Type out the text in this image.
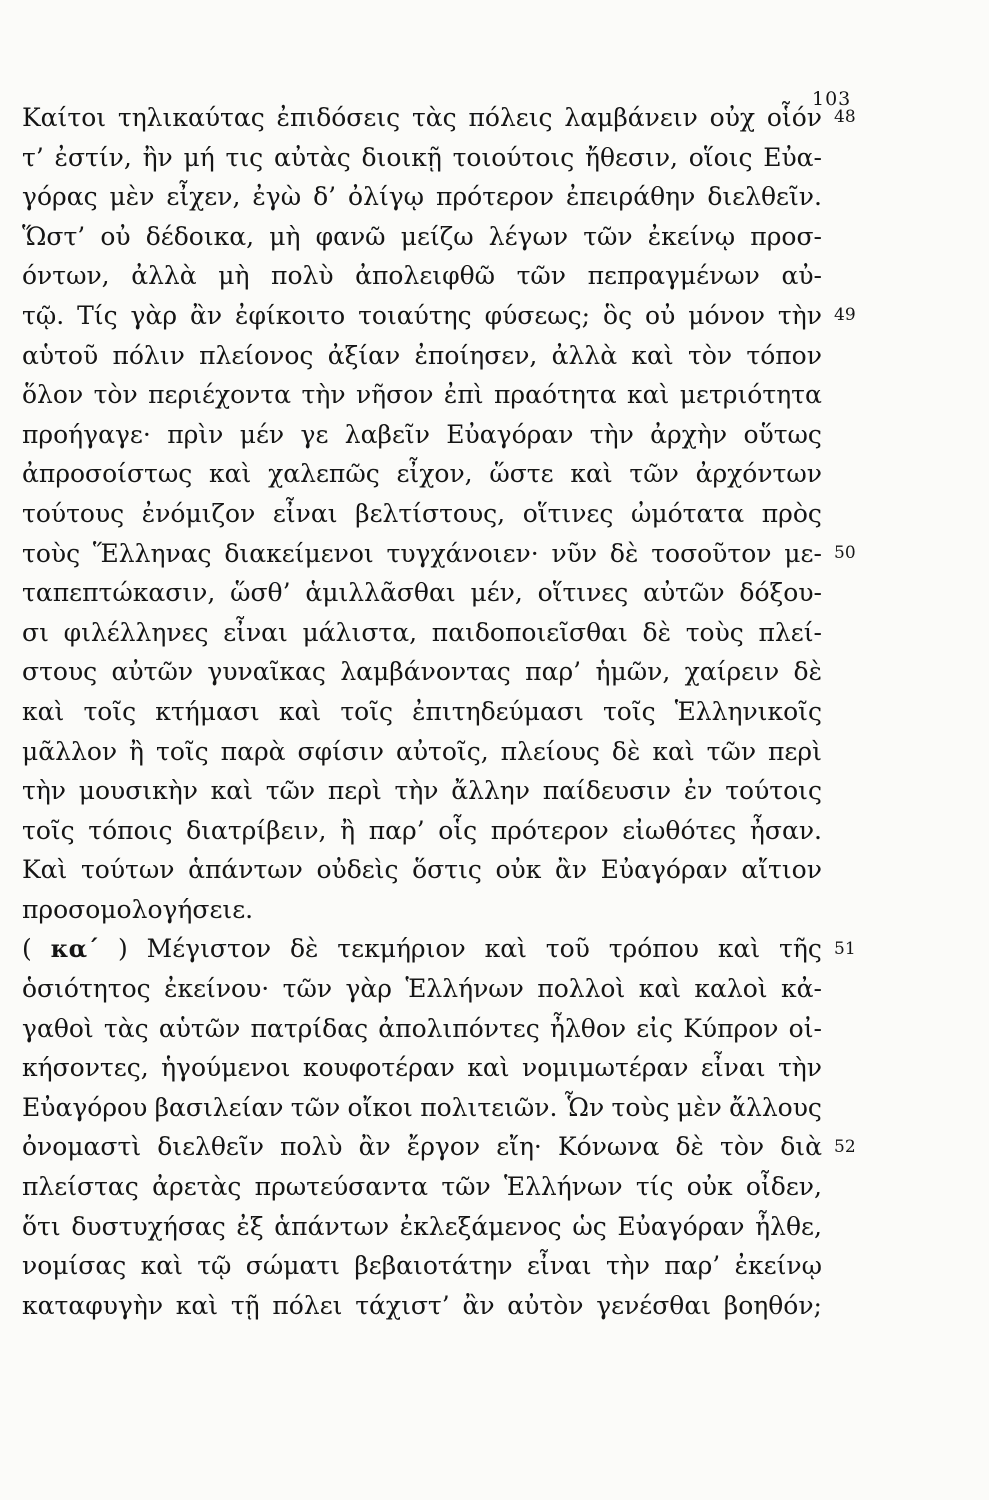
103
Καίτοι τηλικαύτας ἐπιδόσεις τὰς πόλεις λαμβάνειν οὐχ οἷόν
τ’ ἐστίν, ἢν μή τις αὐτὰς διοικῇ τοιούτοις ἤθεσιν, οἵοις Εὐα-
γόρας μὲν εἶχεν, ἐγὼ δ’ ὀλίγῳ πρότερον ἐπειράθην διελθεῖν.
Ὥστ’ οὐ δέδοικα, μὴ φανῶ μείζω λέγων τῶν ἐκείνῳ προσ-
όντων, ἀλλὰ μὴ πολὺ ἀπολειφθῶ τῶν πεπραγμένων αὐ-
τῷ. Τίς γὰρ ἂν ἐφίκοιτο τοιαύτης φύσεως; ὃς οὐ μόνον τὴν
αὑτοῦ πόλιν πλείονος ἀξίαν ἐποίησεν, ἀλλὰ καὶ τὸν τόπον
ὅλον τὸν περιέχοντα τὴν νῆσον ἐπὶ πραότητα καὶ μετριότητα
προήγαγε· πρὶν μέν γε λαβεῖν Εὐαγόραν τὴν ἀρχὴν οὕτως
ἀπροσοίστως καὶ χαλεπῶς εἶχον, ὥστε καὶ τῶν ἀρχόντων
τούτους ἐνόμιζον εἶναι βελτίστους, οἵτινες ὠμότατα πρὸς
τοὺς Ἕλληνας διακείμενοι τυγχάνοιεν· νῦν δὲ τοσοῦτον με-
ταπεπτώκασιν, ὥσθ’ ἁμιλλᾶσθαι μέν, οἵτινες αὐτῶν δόξου-
σι φιλέλληνες εἶναι μάλιστα, παιδοποιεῖσθαι δὲ τοὺς πλεί-
στους αὐτῶν γυναῖκας λαμβάνοντας παρ’ ἡμῶν, χαίρειν δὲ
καὶ τοῖς κτήμασι καὶ τοῖς ἐπιτηδεύμασι τοῖς Ἑλληνικοῖς
μᾶλλον ἢ τοῖς παρὰ σφίσιν αὐτοῖς, πλείους δὲ καὶ τῶν περὶ
τὴν μουσικὴν καὶ τῶν περὶ τὴν ἄλλην παίδευσιν ἐν τούτοις
τοῖς τόποις διατρίβειν, ἢ παρ’ οἷς πρότερον εἰωθότες ἦσαν.
Καὶ τούτων ἁπάντων οὐδεὶς ὅστις οὐκ ἂν Εὐαγόραν αἴτιον
προσομολογήσειε.
( κα´ ) Μέγιστον δὲ τεκμήριον καὶ τοῦ τρόπου καὶ τῆς
ὁσιότητος ἐκείνου· τῶν γὰρ Ἑλλήνων πολλοὶ καὶ καλοὶ κἀ-
γαθοὶ τὰς αὑτῶν πατρίδας ἀπολιπόντες ἦλθον εἰς Κύπρον οἰ-
κήσοντες, ἡγούμενοι κουφοτέραν καὶ νομιμωτέραν εἶναι τὴν
Εὐαγόρου βασιλείαν τῶν οἴκοι πολιτειῶν. Ὧν τοὺς μὲν ἄλλους
ὀνομαστὶ διελθεῖν πολὺ ἂν ἔργον εἴη· Κόνωνα δὲ τὸν διὰ
πλείστας ἀρετὰς πρωτεύσαντα τῶν Ἑλλήνων τίς οὐκ οἶδεν,
ὅτι δυστυχήσας ἐξ ἁπάντων ἐκλεξάμενος ὡς Εὐαγόραν ἦλθε,
νομίσας καὶ τῷ σώματι βεβαιοτάτην εἶναι τὴν παρ’ ἐκείνῳ
καταφυγὴν καὶ τῇ πόλει τάχιστ’ ἂν αὐτὸν γενέσθαι βοηθόν;
48
49
50
51
52
